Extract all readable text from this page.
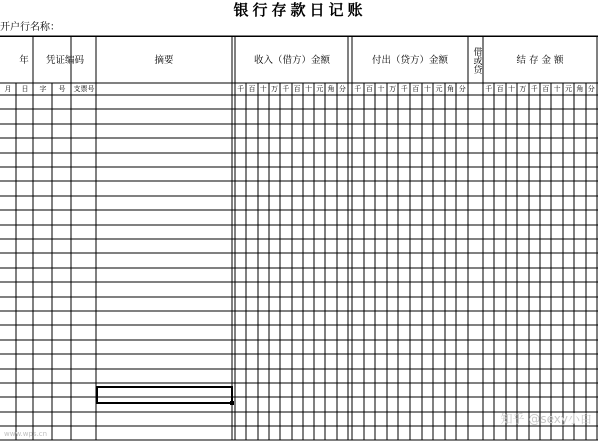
银行存款日记账
开户行名称：
年	凭证编码	摘要	收入（借方）金额	付出（贷方）金额	借或贷	结 存 金 额
月	日	字	号	支票号	千 百 十 万 千 百 十 元 角 分	千 百 十 万 千 百 十 元 角 分	千 百 十 万 千 百 十 元 角 分
知乎 @sexy小白
www.wps.cn
